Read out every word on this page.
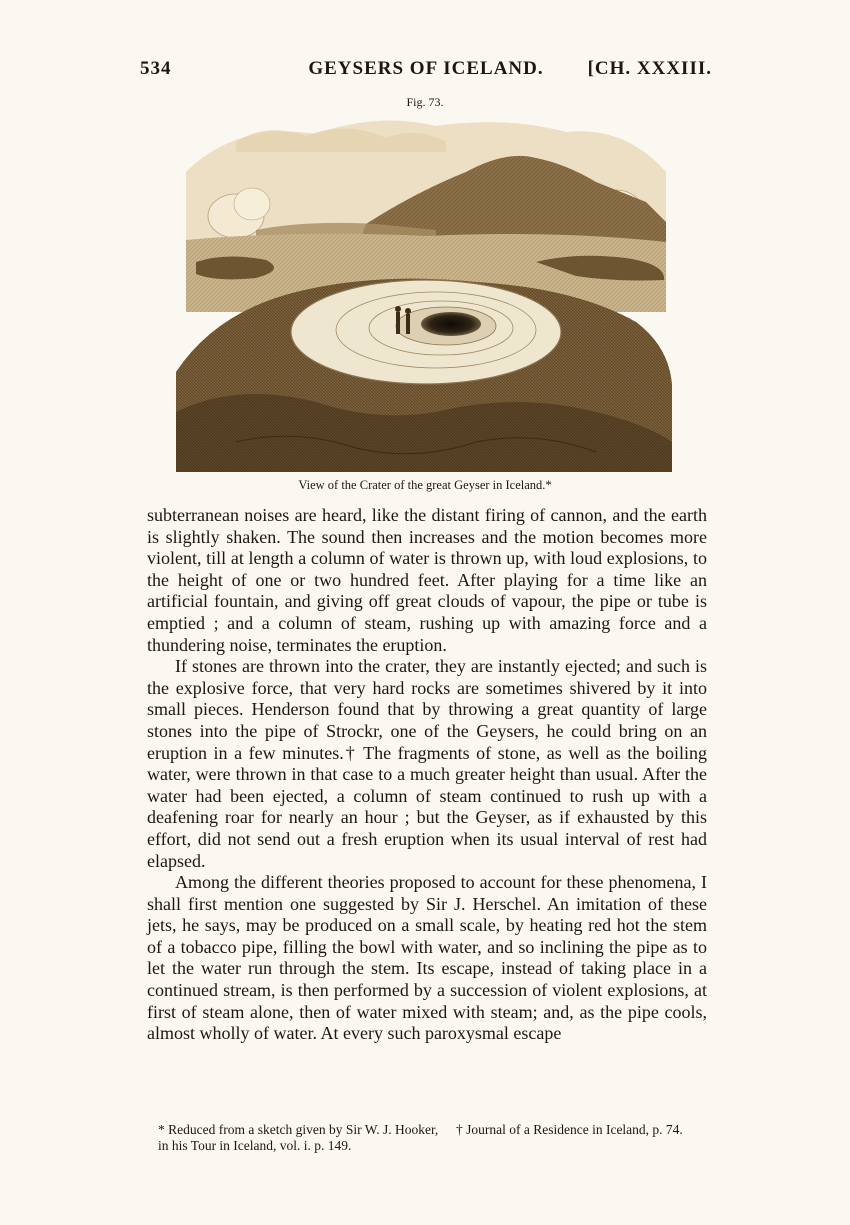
534	GEYSERS OF ICELAND.	[CH. XXXIII.
Fig. 73.
View of the Crater of the great Geyser in Iceland.*

subterranean noises are heard, like the distant firing of cannon, and the earth is slightly shaken. The sound then increases and the motion becomes more violent, till at length a column of water is thrown up, with loud explosions, to the height of one or two hundred feet. After playing for a time like an artificial fountain, and giving off great clouds of vapour, the pipe or tube is emptied ; and a column of steam, rushing up with amazing force and a thundering noise, terminates the eruption.

If stones are thrown into the crater, they are instantly ejected; and such is the explosive force, that very hard rocks are sometimes shivered by it into small pieces. Henderson found that by throwing a great quantity of large stones into the pipe of Strockr, one of the Geysers, he could bring on an eruption in a few minutes.† The fragments of stone, as well as the boiling water, were thrown in that case to a much greater height than usual. After the water had been ejected, a column of steam continued to rush up with a deafening roar for nearly an hour ; but the Geyser, as if exhausted by this effort, did not send out a fresh eruption when its usual interval of rest had elapsed.

Among the different theories proposed to account for these phenomena, I shall first mention one suggested by Sir J. Herschel. An imitation of these jets, he says, may be produced on a small scale, by heating red hot the stem of a tobacco pipe, filling the bowl with water, and so inclining the pipe as to let the water run through the stem. Its escape, instead of taking place in a continued stream, is then performed by a succession of violent explosions, at first of steam alone, then of water mixed with steam; and, as the pipe cools, almost wholly of water. At every such paroxysmal escape

* Reduced from a sketch given by Sir W. J. Hooker, in his Tour in Iceland, vol. i. p. 149.
† Journal of a Residence in Iceland, p. 74.
